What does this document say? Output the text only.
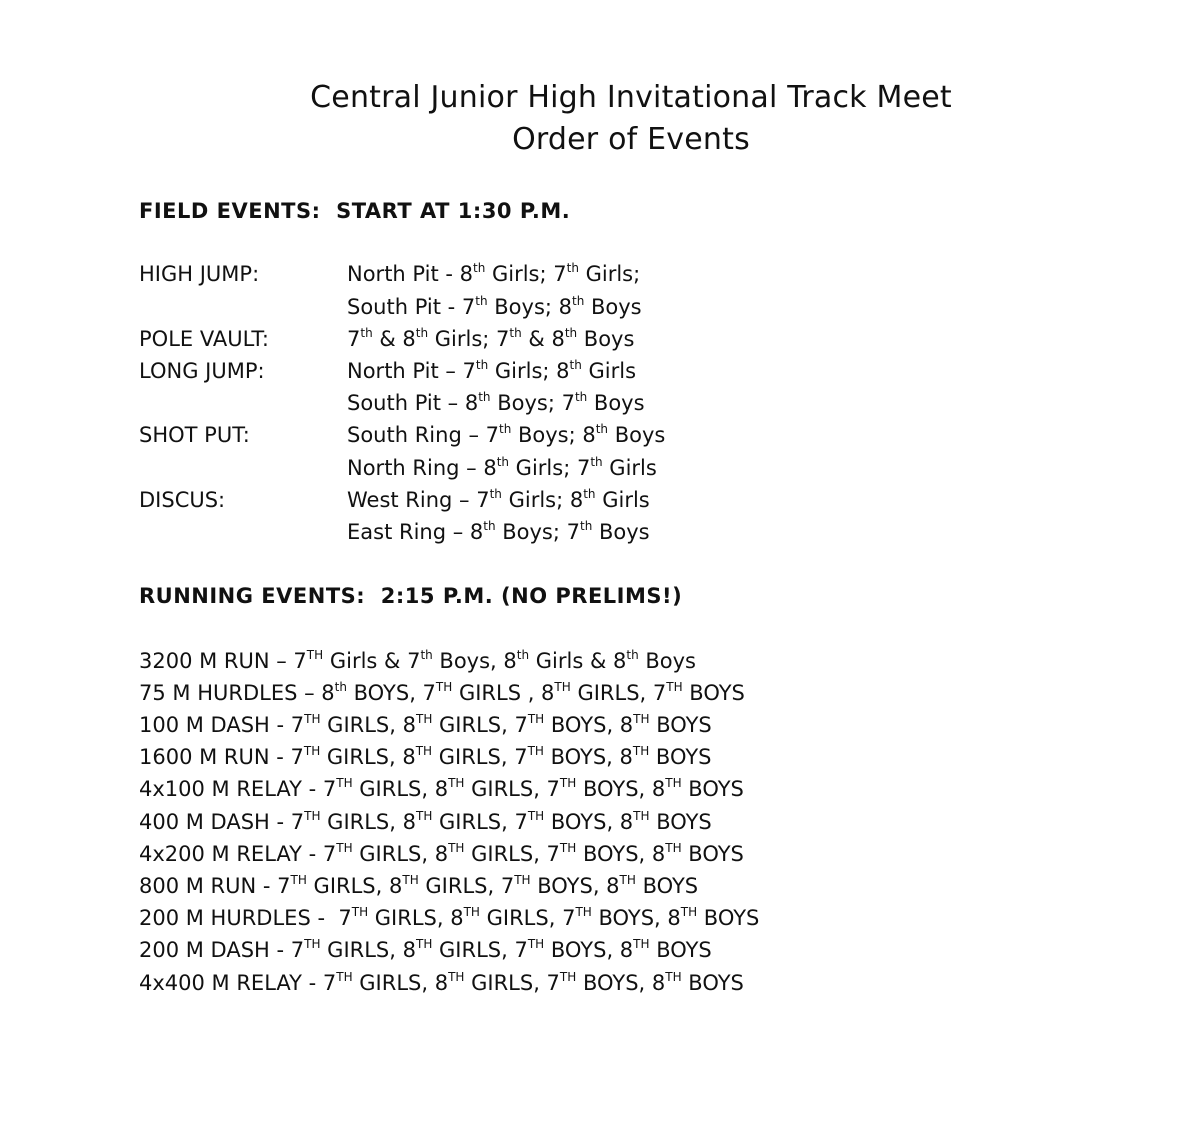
Central Junior High Invitational Track Meet
Order of Events
FIELD EVENTS:  START AT 1:30 P.M.
HIGH JUMP:	North Pit - 8th Girls; 7th Girls;
South Pit - 7th Boys; 8th Boys
POLE VAULT:	7th & 8th Girls; 7th & 8th Boys
LONG JUMP:	North Pit – 7th Girls; 8th Girls
South Pit – 8th Boys; 7th Boys
SHOT PUT:	South Ring – 7th Boys; 8th Boys
North Ring – 8th Girls; 7th Girls
DISCUS:	West Ring – 7th Girls; 8th Girls
East Ring – 8th Boys; 7th Boys
RUNNING EVENTS:  2:15 P.M. (NO PRELIMS!)
3200 M RUN – 7TH Girls & 7th Boys, 8th Girls & 8th Boys
75 M HURDLES – 8th BOYS, 7TH GIRLS , 8TH GIRLS, 7TH BOYS
100 M DASH - 7TH GIRLS, 8TH GIRLS, 7TH BOYS, 8TH BOYS
1600 M RUN - 7TH GIRLS, 8TH GIRLS, 7TH BOYS, 8TH BOYS
4x100 M RELAY - 7TH GIRLS, 8TH GIRLS, 7TH BOYS, 8TH BOYS
400 M DASH - 7TH GIRLS, 8TH GIRLS, 7TH BOYS, 8TH BOYS
4x200 M RELAY - 7TH GIRLS, 8TH GIRLS, 7TH BOYS, 8TH BOYS
800 M RUN - 7TH GIRLS, 8TH GIRLS, 7TH BOYS, 8TH BOYS
200 M HURDLES -  7TH GIRLS, 8TH GIRLS, 7TH BOYS, 8TH BOYS
200 M DASH - 7TH GIRLS, 8TH GIRLS, 7TH BOYS, 8TH BOYS
4x400 M RELAY - 7TH GIRLS, 8TH GIRLS, 7TH BOYS, 8TH BOYS
